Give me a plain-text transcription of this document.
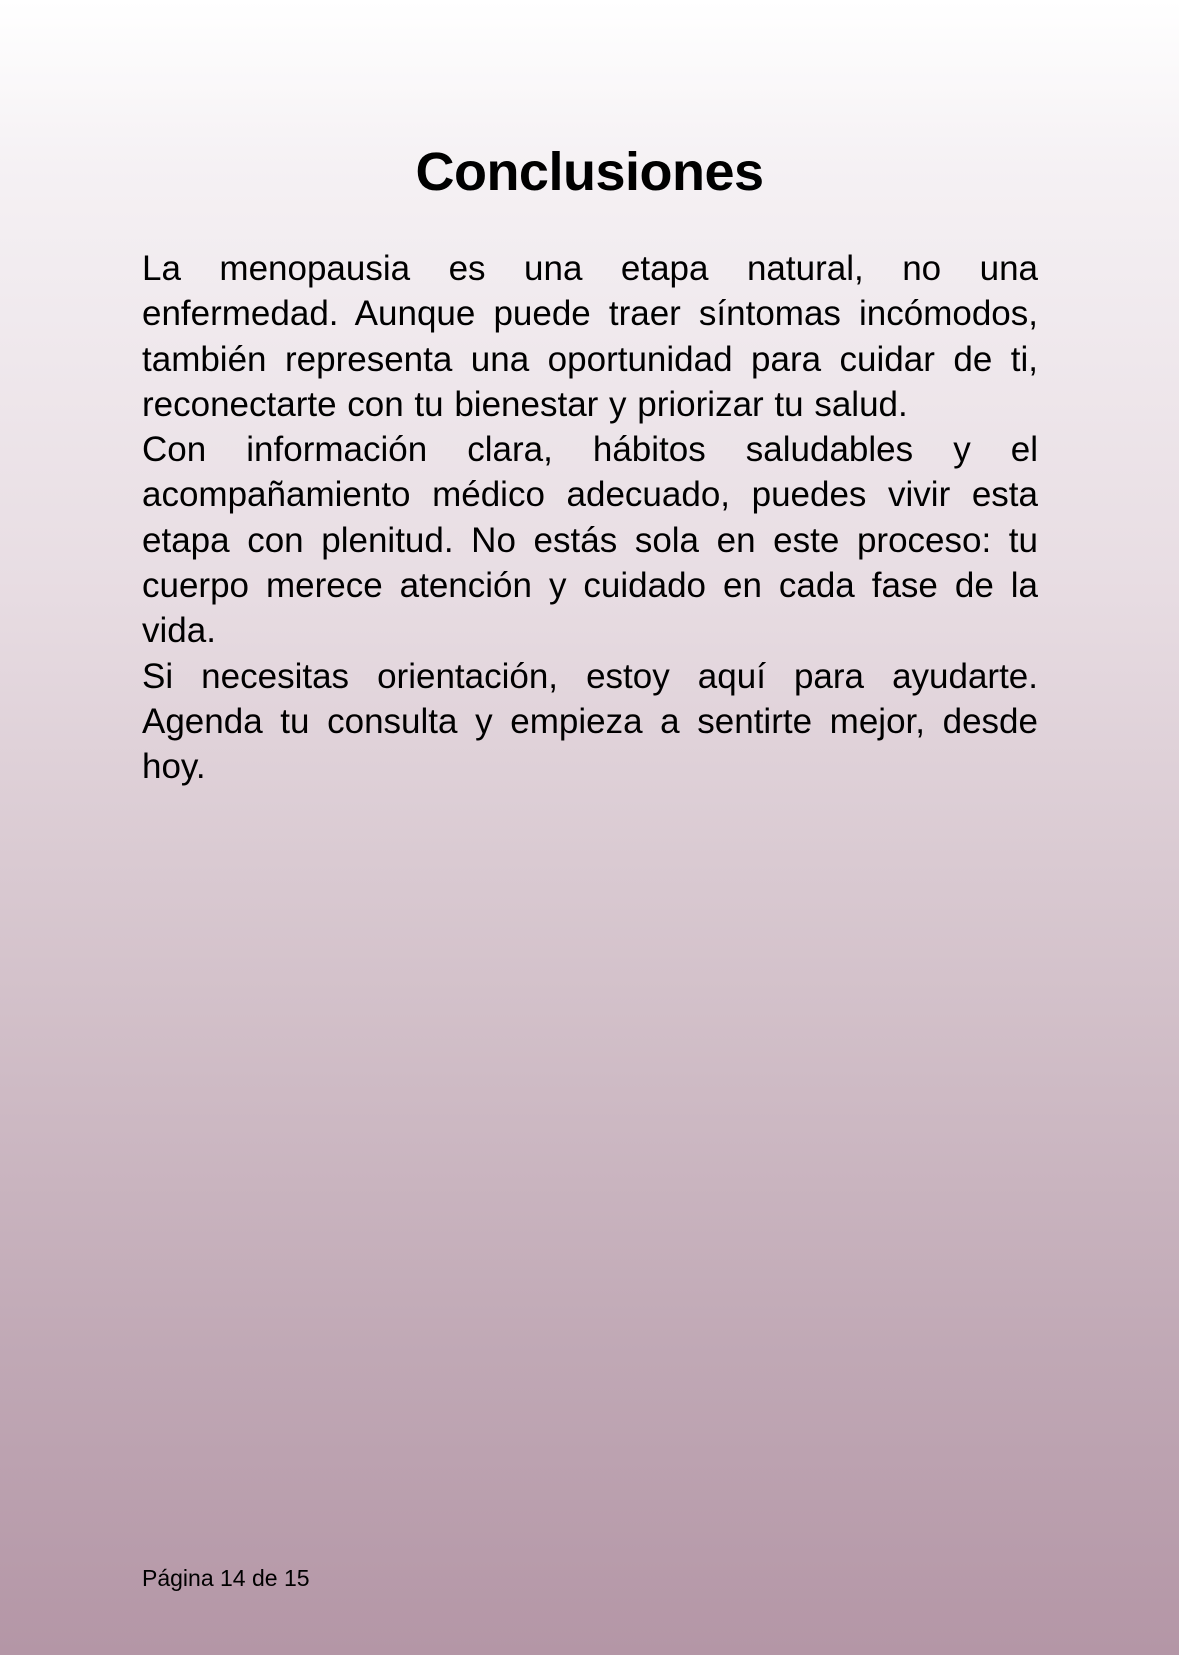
Conclusiones

La menopausia es una etapa natural, no una enfermedad. Aunque puede traer síntomas incómodos, también representa una oportunidad para cuidar de ti, reconectarte con tu bienestar y priorizar tu salud.

Con información clara, hábitos saludables y el acompañamiento médico adecuado, puedes vivir esta etapa con plenitud. No estás sola en este proceso: tu cuerpo merece atención y cuidado en cada fase de la vida.

Si necesitas orientación, estoy aquí para ayudarte. Agenda tu consulta y empieza a sentirte mejor, desde hoy.

Página 14 de 15
